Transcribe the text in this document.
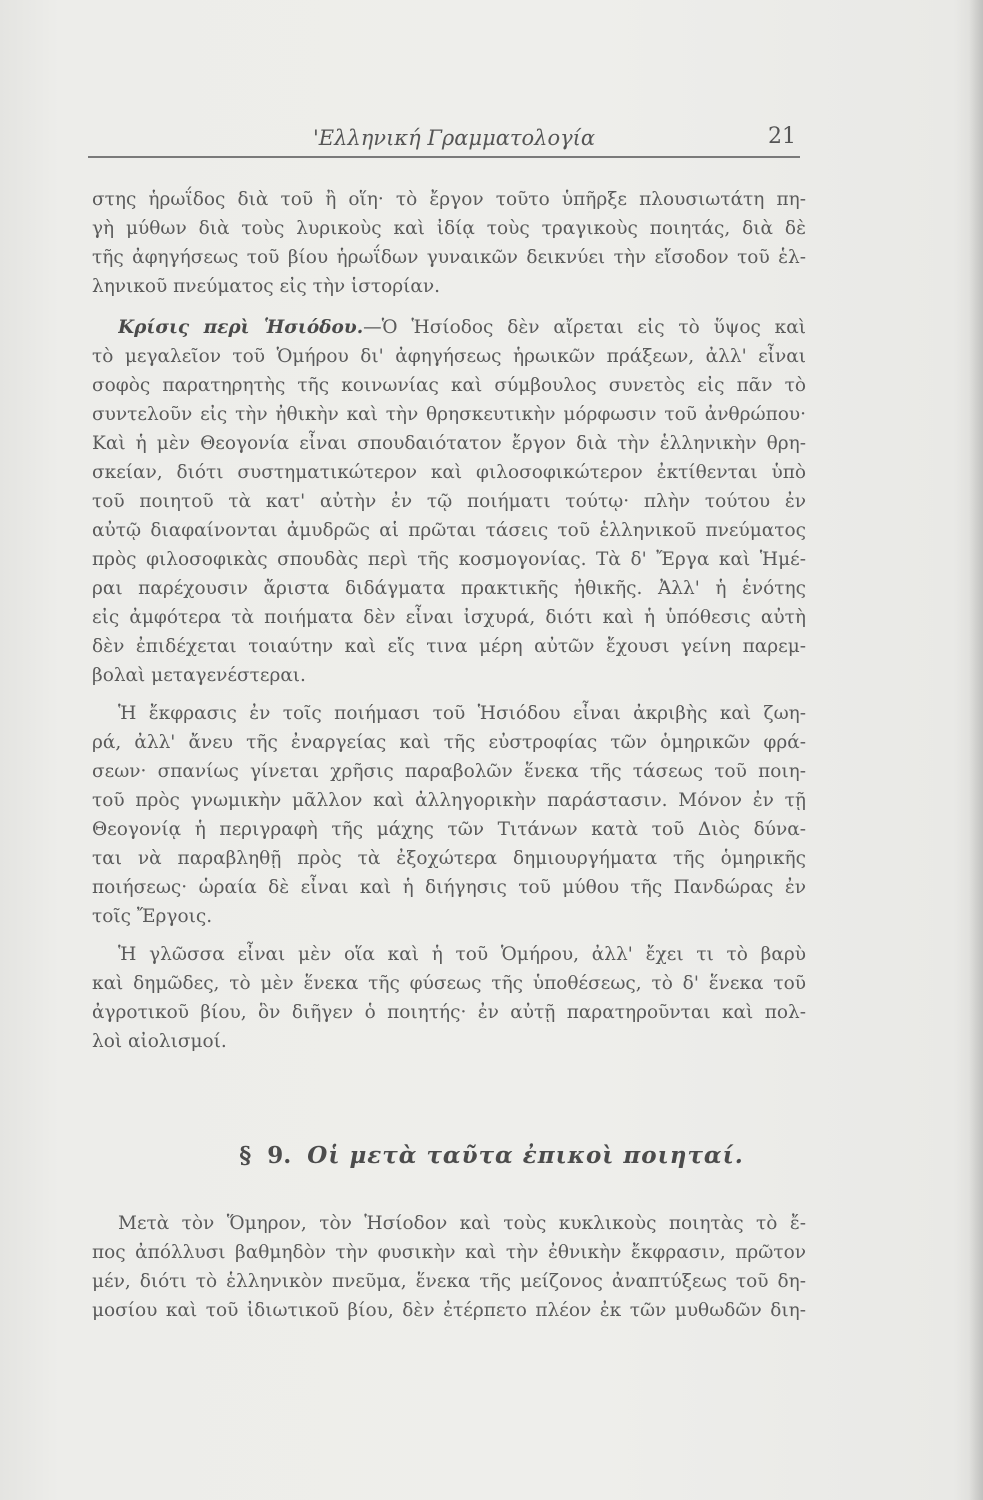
'Ελληνική Γραμματολογία	21
στης ἡρωΐδος διὰ τοῦ ἢ οἵη· τὸ ἔργον τοῦτο ὑπῆρξε πλουσιωτάτη πη-
γὴ μύθων διὰ τοὺς λυρικοὺς καὶ ἰδίᾳ τοὺς τραγικοὺς ποιητάς, διὰ δὲ
τῆς ἀφηγήσεως τοῦ βίου ἡρωΐδων γυναικῶν δεικνύει τὴν εἴσοδον τοῦ ἑλ-
ληνικοῦ πνεύματος εἰς τὴν ἱστορίαν.
Κρίσις περὶ Ἡσιόδου.—Ὁ Ἡσίοδος δὲν αἴρεται εἰς τὸ ὕψος καὶ
τὸ μεγαλεῖον τοῦ Ὁμήρου δι' ἀφηγήσεως ἡρωικῶν πράξεων, ἀλλ' εἶναι
σοφὸς παρατηρητὴς τῆς κοινωνίας καὶ σύμβουλος συνετὸς εἰς πᾶν τὸ
συντελοῦν εἰς τὴν ἠθικὴν καὶ τὴν θρησκευτικὴν μόρφωσιν τοῦ ἀνθρώπου·
Καὶ ἡ μὲν Θεογονία εἶναι σπουδαιότατον ἔργον διὰ τὴν ἑλληνικὴν θρη-
σκείαν, διότι συστηματικώτερον καὶ φιλοσοφικώτερον ἐκτίθενται ὑπὸ
τοῦ ποιητοῦ τὰ κατ' αὐτὴν ἐν τῷ ποιήματι τούτῳ· πλὴν τούτου ἐν
αὐτῷ διαφαίνονται ἀμυδρῶς αἱ πρῶται τάσεις τοῦ ἑλληνικοῦ πνεύματος
πρὸς φιλοσοφικὰς σπουδὰς περὶ τῆς κοσμογονίας. Τὰ δ' Ἔργα καὶ Ἡμέ-
ραι παρέχουσιν ἄριστα διδάγματα πρακτικῆς ἠθικῆς. Ἀλλ' ἡ ἑνότης
εἰς ἀμφότερα τὰ ποιήματα δὲν εἶναι ἰσχυρά, διότι καὶ ἡ ὑπόθεσις αὐτὴ
δὲν ἐπιδέχεται τοιαύτην καὶ εἴς τινα μέρη αὐτῶν ἔχουσι γείνη παρεμ-
βολαὶ μεταγενέστεραι.
Ἡ ἔκφρασις ἐν τοῖς ποιήμασι τοῦ Ἡσιόδου εἶναι ἀκριβὴς καὶ ζωη-
ρά, ἀλλ' ἄνευ τῆς ἐναργείας καὶ τῆς εὐστροφίας τῶν ὁμηρικῶν φρά-
σεων· σπανίως γίνεται χρῆσις παραβολῶν ἕνεκα τῆς τάσεως τοῦ ποιη-
τοῦ πρὸς γνωμικὴν μᾶλλον καὶ ἀλληγορικὴν παράστασιν. Μόνον ἐν τῇ
Θεογονίᾳ ἡ περιγραφὴ τῆς μάχης τῶν Τιτάνων κατὰ τοῦ Διὸς δύνα-
ται νὰ παραβληθῇ πρὸς τὰ ἐξοχώτερα δημιουργήματα τῆς ὁμηρικῆς
ποιήσεως· ὡραία δὲ εἶναι καὶ ἡ διήγησις τοῦ μύθου τῆς Πανδώρας ἐν
τοῖς Ἔργοις.
Ἡ γλῶσσα εἶναι μὲν οἵα καὶ ἡ τοῦ Ὁμήρου, ἀλλ' ἔχει τι τὸ βαρὺ
καὶ δημῶδες, τὸ μὲν ἕνεκα τῆς φύσεως τῆς ὑποθέσεως, τὸ δ' ἕνεκα τοῦ
ἀγροτικοῦ βίου, ὃν διῆγεν ὁ ποιητής· ἐν αὐτῇ παρατηροῦνται καὶ πολ-
λοὶ αἰολισμοί.
§ 9. Οἱ μετὰ ταῦτα ἐπικοὶ ποιηταί.
Μετὰ τὸν Ὅμηρον, τὸν Ἡσίοδον καὶ τοὺς κυκλικοὺς ποιητὰς τὸ ἔ-
πος ἀπόλλυσι βαθμηδὸν τὴν φυσικὴν καὶ τὴν ἐθνικὴν ἔκφρασιν, πρῶτον
μέν, διότι τὸ ἑλληνικὸν πνεῦμα, ἕνεκα τῆς μείζονος ἀναπτύξεως τοῦ δη-
μοσίου καὶ τοῦ ἰδιωτικοῦ βίου, δὲν ἐτέρπετο πλέον ἐκ τῶν μυθωδῶν διη-
